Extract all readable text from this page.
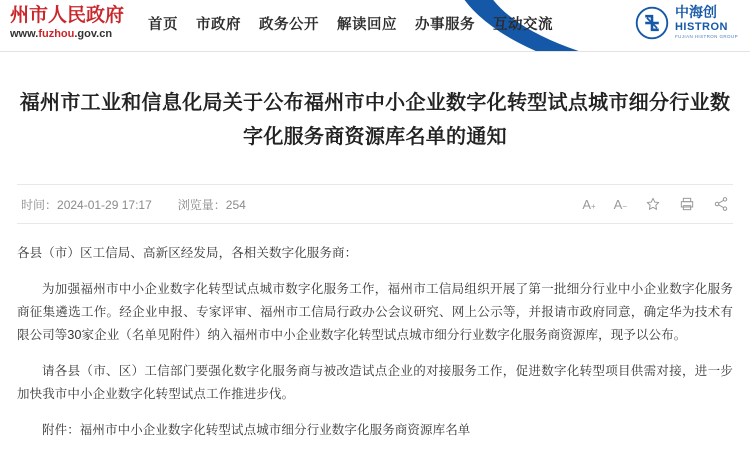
州市人民政府
www.fuzhou.gov.cn
首页 市政府 政务公开 解读回应 办事服务 互动交流
中海创
HISTRON
FUJIAN HISTRON GROUP
福州市工业和信息化局关于公布福州市中小企业数字化转型试点城市细分行业数字化服务商资源库名单的通知
时间：2024-01-29 17:17 浏览量：254	A + A −

各县（市）区工信局、高新区经发局，各相关数字化服务商：

为加强福州市中小企业数字化转型试点城市数字化服务工作，福州市工信局组织开展了第一批细分行业中小企业数字化服务商征集遴选工作。经企业申报、专家评审、福州市工信局行政办公会议研究、网上公示等，并报请市政府同意，确定华为技术有限公司等30家企业（名单见附件）纳入福州市中小企业数字化转型试点城市细分行业数字化服务商资源库，现予以公布。

请各县（市、区）工信部门要强化数字化服务商与被改造试点企业的对接服务工作，促进数字化转型项目供需对接，进一步加快我市中小企业数字化转型试点工作推进步伐。

附件：福州市中小企业数字化转型试点城市细分行业数字化服务商资源库名单
